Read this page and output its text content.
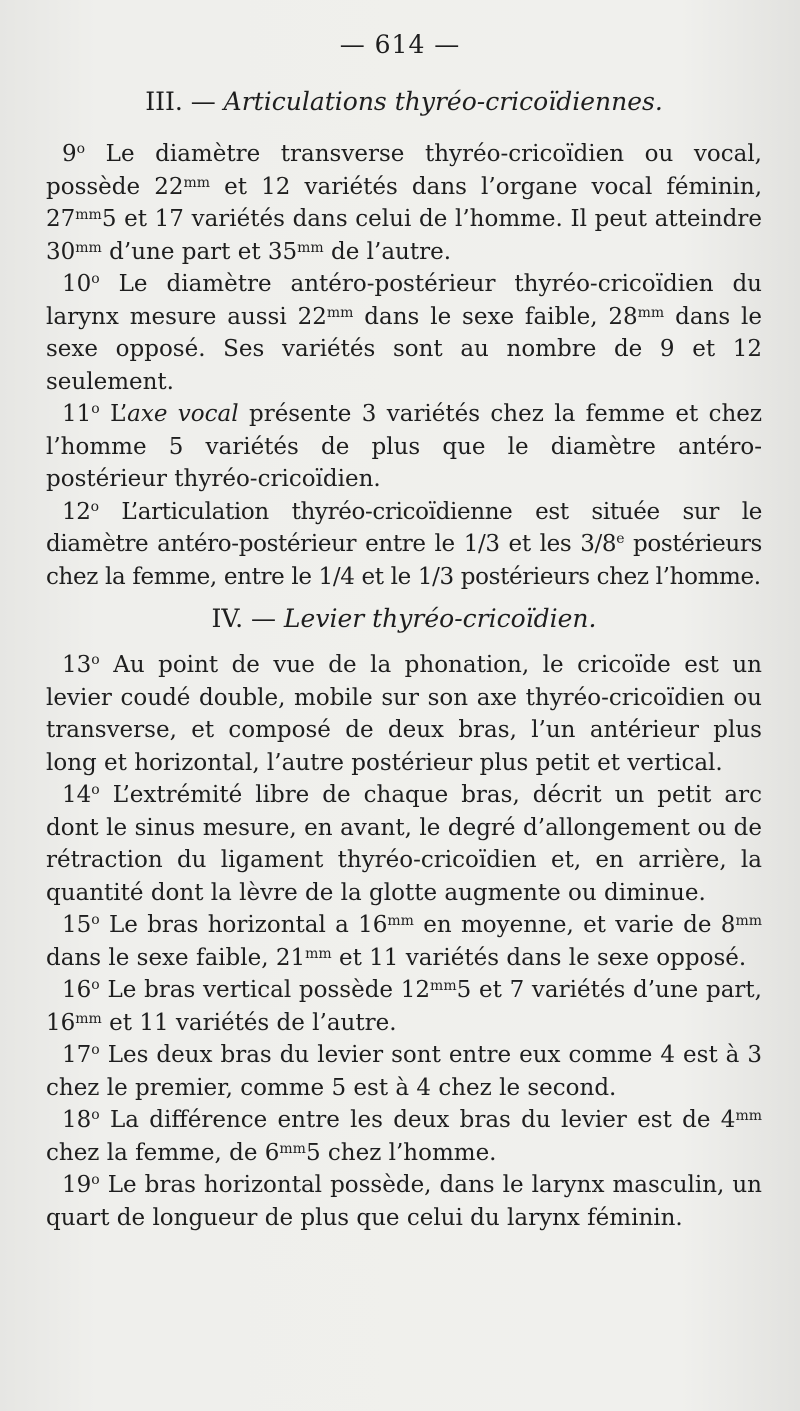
— 614 —
III. — Articulations thyréo-cricoïdiennes.

9$^o$ Le diamètre transverse thyréo-cricoïdien ou vocal, possède $22^{mm}$ et 12 variétés dans l’organe vocal féminin, $27^{mm}5$ et 17 variétés dans celui de l’homme. Il peut atteindre $30^{mm}$ d’une part et $35^{mm}$ de l’autre.

10$^o$ Le diamètre antéro-postérieur thyréo-cricoïdien du larynx mesure aussi $22^{mm}$ dans le sexe faible, $28^{mm}$ dans le sexe opposé. Ses variétés sont au nombre de 9 et 12 seulement.

11$^o$ L’axe vocal présente 3 variétés chez la femme et chez l’homme 5 variétés de plus que le diamètre antéro-postérieur thyréo-cricoïdien.

12$^o$ L’articulation thyréo-cricoïdienne est située sur le diamètre antéro-postérieur entre le 1/3 et les 3/8e postérieurs chez la femme, entre le 1/4 et le 1/3 postérieurs chez l’homme.

IV. — Levier thyréo-cricoïdien.

13$^o$ Au point de vue de la phonation, le cricoïde est un levier coudé double, mobile sur son axe thyréo-cricoïdien ou transverse, et composé de deux bras, l’un antérieur plus long et horizontal, l’autre postérieur plus petit et vertical.

14$^o$ L’extrémité libre de chaque bras, décrit un petit arc dont le sinus mesure, en avant, le degré d’allongement ou de rétraction du ligament thyréo-cricoïdien et, en arrière, la quantité dont la lèvre de la glotte augmente ou diminue.

15$^o$ Le bras horizontal a $16^{mm}$ en moyenne, et varie de $8^{mm}$ dans le sexe faible, $21^{mm}$ et 11 variétés dans le sexe opposé.

16$^o$ Le bras vertical possède $12^{mm}5$ et 7 variétés d’une part, $16^{mm}$ et 11 variétés de l’autre.

17$^o$ Les deux bras du levier sont entre eux comme 4 est à 3 chez le premier, comme 5 est à 4 chez le second.

18$^o$ La différence entre les deux bras du levier est de $4^{mm}$ chez la femme, de $6^{mm}5$ chez l’homme.

19$^o$ Le bras horizontal possède, dans le larynx masculin, un quart de longueur de plus que celui du larynx féminin.
